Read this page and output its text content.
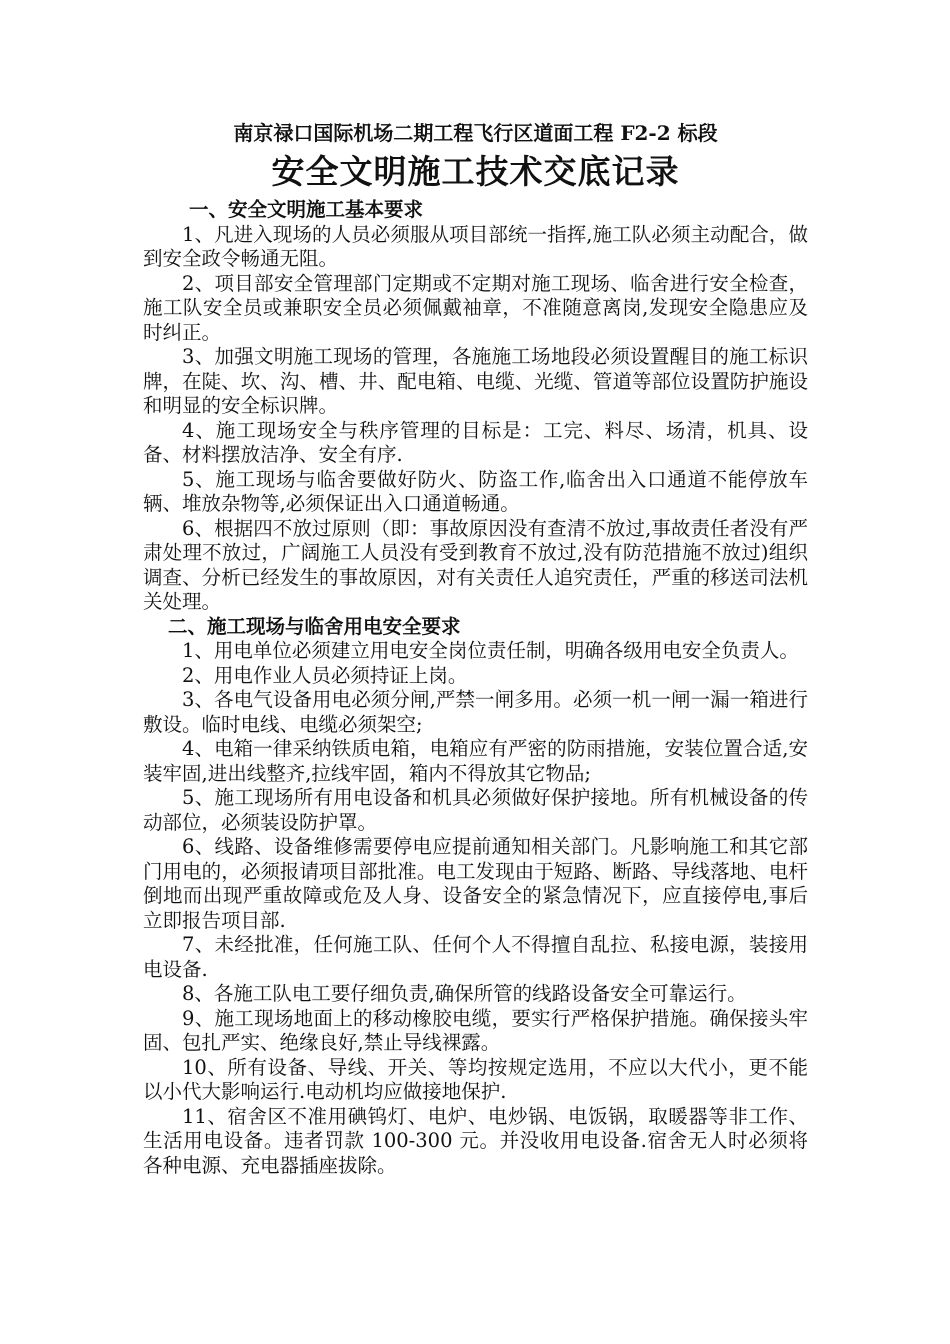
南京禄口国际机场二期工程飞行区道面工程 F2-2 标段

安全文明施工技术交底记录

一、安全文明施工基本要求

1、凡进入现场的人员必须服从项目部统一指挥,施工队必须主动配合，做到安全政令畅通无阻。

2、项目部安全管理部门定期或不定期对施工现场、临舍进行安全检查，施工队安全员或兼职安全员必须佩戴袖章，不准随意离岗,发现安全隐患应及时纠正。

3、加强文明施工现场的管理，各施施工场地段必须设置醒目的施工标识牌，在陡、坎、沟、槽、井、配电箱、电缆、光缆、管道等部位设置防护施设和明显的安全标识牌。

4、施工现场安全与秩序管理的目标是：工完、料尽、场清，机具、设备、材料摆放洁净、安全有序.

5、施工现场与临舍要做好防火、防盗工作,临舍出入口通道不能停放车辆、堆放杂物等,必须保证出入口通道畅通。

6、根据四不放过原则（即：事故原因没有查清不放过,事故责任者没有严肃处理不放过，广阔施工人员没有受到教育不放过,没有防范措施不放过)组织调查、分析已经发生的事故原因，对有关责任人追究责任，严重的移送司法机关处理。

二、施工现场与临舍用电安全要求

1、用电单位必须建立用电安全岗位责任制，明确各级用电安全负责人。

2、用电作业人员必须持证上岗。

3、各电气设备用电必须分闸,严禁一闸多用。必须一机一闸一漏一箱进行敷设。临时电线、电缆必须架空;

4、电箱一律采纳铁质电箱，电箱应有严密的防雨措施，安装位置合适,安装牢固,进出线整齐,拉线牢固，箱内不得放其它物品;

5、施工现场所有用电设备和机具必须做好保护接地。所有机械设备的传动部位，必须装设防护罩。

6、线路、设备维修需要停电应提前通知相关部门。凡影响施工和其它部门用电的，必须报请项目部批准。电工发现由于短路、断路、导线落地、电杆倒地而出现严重故障或危及人身、设备安全的紧急情况下，应直接停电,事后立即报告项目部.

7、未经批准，任何施工队、任何个人不得擅自乱拉、私接电源，装接用电设备.

8、各施工队电工要仔细负责,确保所管的线路设备安全可靠运行。

9、施工现场地面上的移动橡胶电缆，要实行严格保护措施。确保接头牢固、包扎严实、绝缘良好,禁止导线裸露。

10、所有设备、导线、开关、等均按规定选用，不应以大代小，更不能以小代大影响运行.电动机均应做接地保护.

11、宿舍区不准用碘钨灯、电炉、电炒锅、电饭锅，取暖器等非工作、生活用电设备。违者罚款 100-300 元。并没收用电设备.宿舍无人时必须将各种电源、充电器插座拔除。
